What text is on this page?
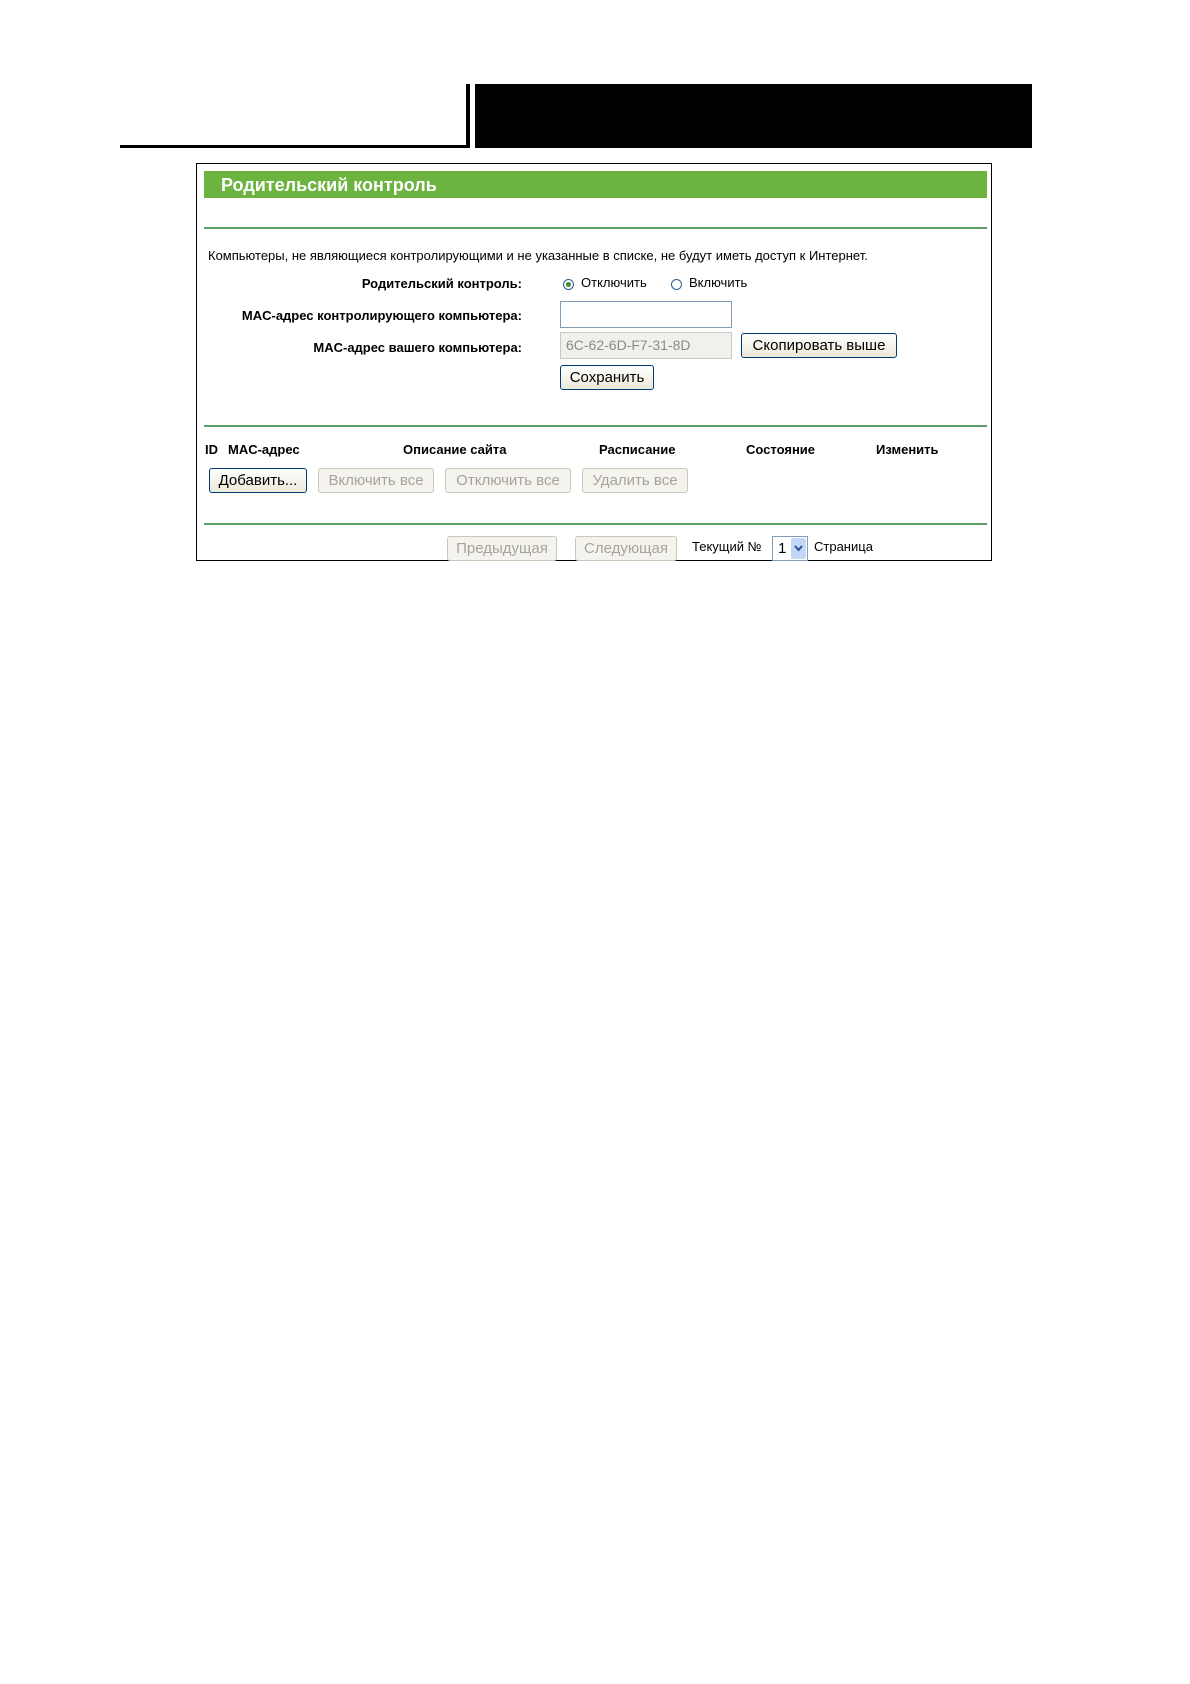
Родительский контроль
Компьютеры, не являющиеся контролирующими и не указанные в списке, не будут иметь доступ к Интернет.
Родительский контроль:	Отключить	Включить
MAC-адрес контролирующего компьютера:
MAC-адрес вашего компьютера:	6C-62-6D-F7-31-8D	Скопировать выше
Сохранить
ID MAC-адрес	Описание сайта	Расписание	Состояние	Изменить
Добавить...	Включить все	Отключить все	Удалить все
Предыдущая	Следующая	Текущий № 1 Страница
